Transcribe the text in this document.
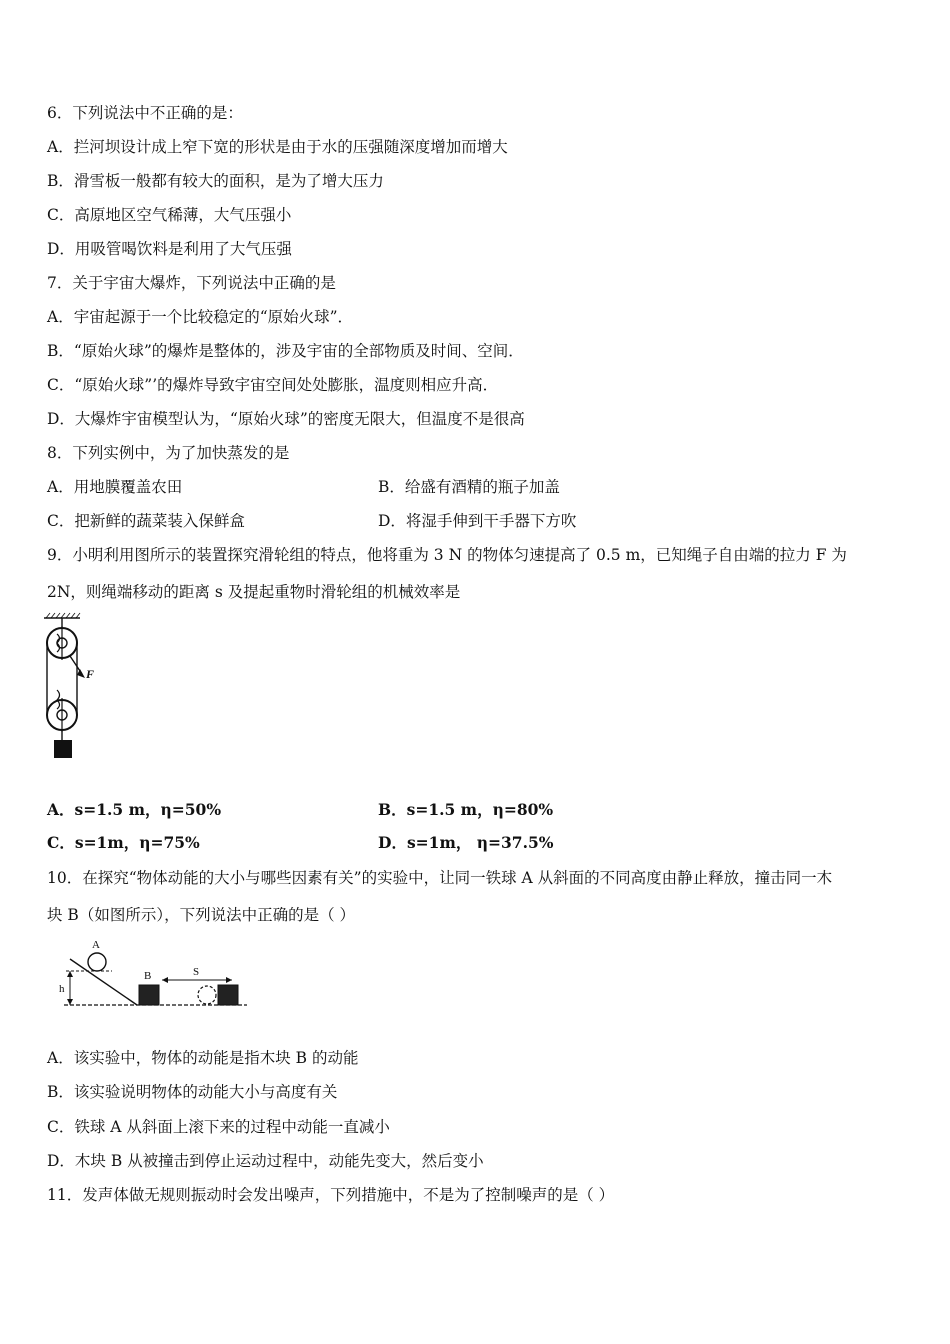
6．下列说法中不正确的是：
A．拦河坝设计成上窄下宽的形状是由于水的压强随深度增加而增大
B．滑雪板一般都有较大的面积，是为了增大压力
C．高原地区空气稀薄，大气压强小
D．用吸管喝饮料是利用了大气压强
7．关于宇宙大爆炸，下列说法中正确的是
A．宇宙起源于一个比较稳定的“原始火球”．
B．“原始火球”的爆炸是整体的，涉及宇宙的全部物质及时间、空间．
C．“原始火球”’的爆炸导致宇宙空间处处膨胀，温度则相应升高．
D．大爆炸宇宙模型认为，“原始火球”的密度无限大，但温度不是很高
8．下列实例中，为了加快蒸发的是
A．用地膜覆盖农田	B．给盛有酒精的瓶子加盖
C．把新鲜的蔬菜装入保鲜盒	D．将湿手伸到干手器下方吹
9．小明利用图所示的装置探究滑轮组的特点，他将重为 3 N 的物体匀速提高了 0.5 m，已知绳子自由端的拉力 F 为
2N，则绳端移动的距离 s 及提起重物时滑轮组的机械效率是
F
A．s=1.5 m，η=50%	B．s=1.5 m，η=80%
C．s=1m，η=75%	D．s=1m， η=37.5%
10．在探究“物体动能的大小与哪些因素有关”的实验中，让同一铁球 A 从斜面的不同高度由静止释放，撞击同一木
块 B（如图所示），下列说法中正确的是（ ）
A
h
B	S
A．该实验中，物体的动能是指木块 B 的动能
B．该实验说明物体的动能大小与高度有关
C．铁球 A 从斜面上滚下来的过程中动能一直减小
D．木块 B 从被撞击到停止运动过程中，动能先变大，然后变小
11．发声体做无规则振动时会发出噪声，下列措施中，不是为了控制噪声的是（ ）
